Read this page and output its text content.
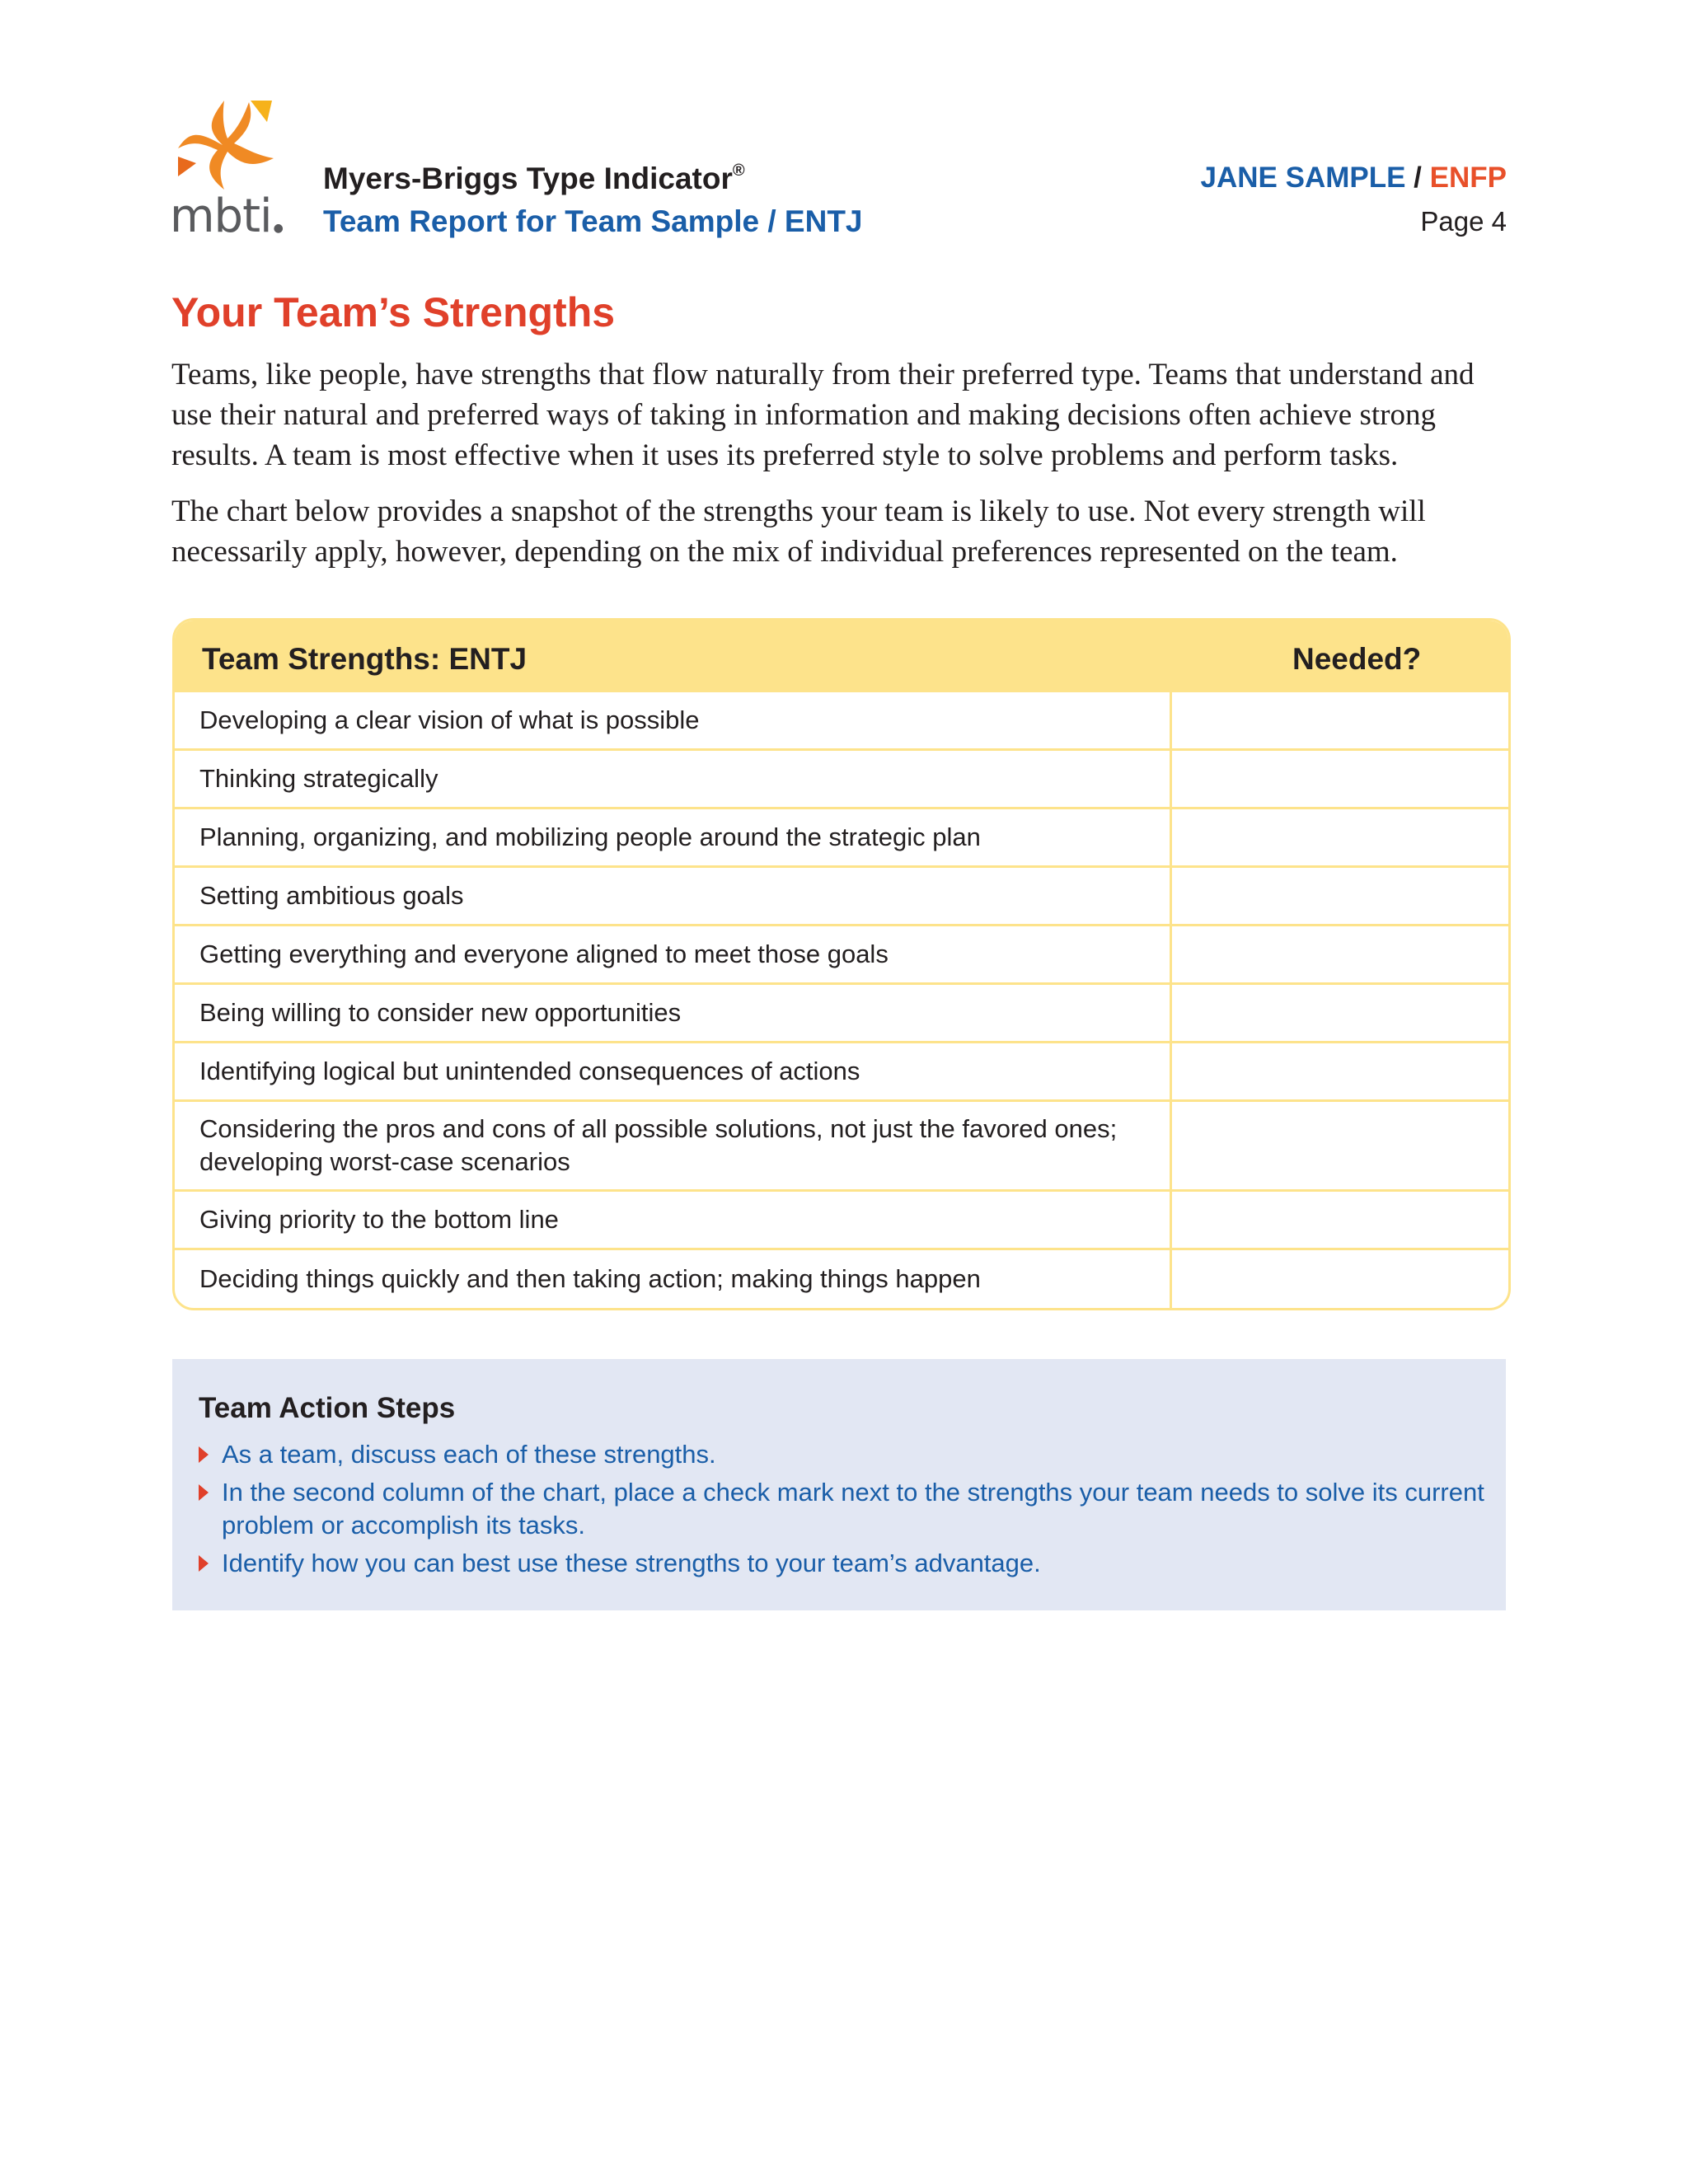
mbti ●
Myers-Briggs Type Indicator®
Team Report for Team Sample / ENTJ
JANE SAMPLE / ENFP
Page 4
Your Team’s Strengths

Teams, like people, have strengths that flow naturally from their preferred type. Teams that understand and use their natural and preferred ways of taking in information and making decisions often achieve strong results. A team is most effective when it uses its preferred style to solve problems and perform tasks.

The chart below provides a snapshot of the strengths your team is likely to use. Not every strength will necessarily apply, however, depending on the mix of individual preferences represented on the team.

Team Strengths: ENTJ	Needed?
Developing a clear vision of what is possible
Thinking strategically
Planning, organizing, and mobilizing people around the strategic plan
Setting ambitious goals
Getting everything and everyone aligned to meet those goals
Being willing to consider new opportunities
Identifying logical but unintended consequences of actions
Considering the pros and cons of all possible solutions, not just the favored ones; developing worst-case scenarios
Giving priority to the bottom line
Deciding things quickly and then taking action; making things happen
Team Action Steps
As a team, discuss each of these strengths.
In the second column of the chart, place a check mark next to the strengths your team needs to solve its current problem or accomplish its tasks.
Identify how you can best use these strengths to your team’s advantage.
